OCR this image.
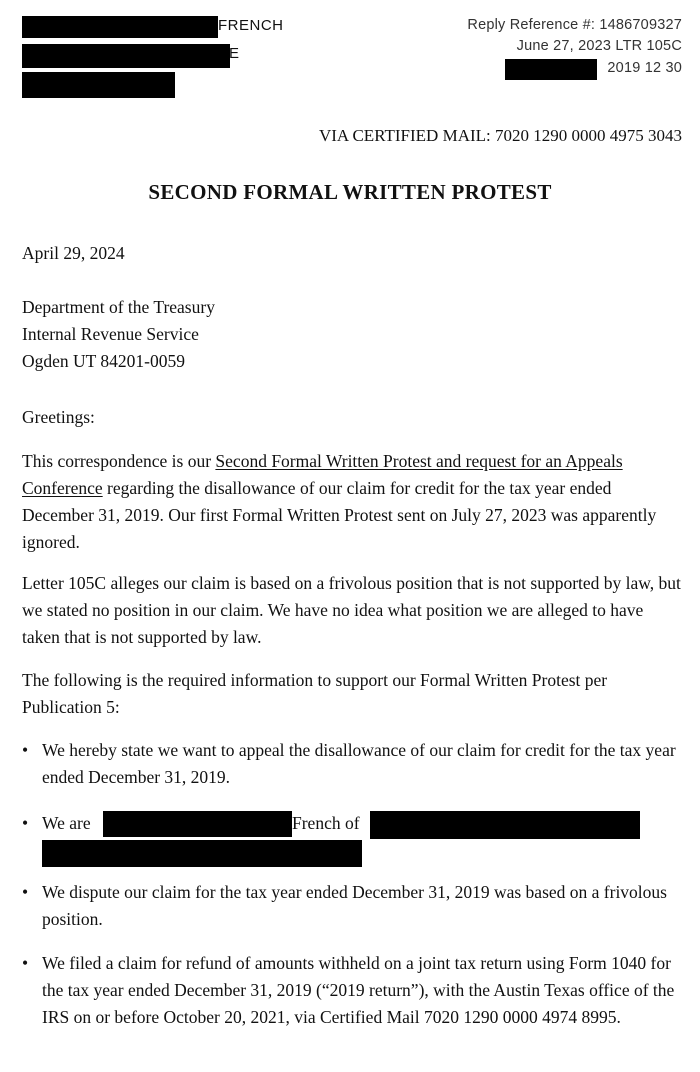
FRENCH
E
Reply Reference #: 1486709327
June 27, 2023 LTR 105C
2019 12 30
VIA CERTIFIED MAIL: 7020 1290 0000 4975 3043
SECOND FORMAL WRITTEN PROTEST
April 29, 2024
Department of the Treasury
Internal Revenue Service
Ogden UT 84201-0059
Greetings:
This correspondence is our Second Formal Written Protest and request for an Appeals Conference regarding the disallowance of our claim for credit for the tax year ended December 31, 2019. Our first Formal Written Protest sent on July 27, 2023 was apparently ignored.
Letter 105C alleges our claim is based on a frivolous position that is not supported by law, but we stated no position in our claim. We have no idea what position we are alleged to have taken that is not supported by law.
The following is the required information to support our Formal Written Protest per Publication 5:
• We hereby state we want to appeal the disallowance of our claim for credit for the tax year ended December 31, 2019.
• We are	French of
• We dispute our claim for the tax year ended December 31, 2019 was based on a frivolous position.
• We filed a claim for refund of amounts withheld on a joint tax return using Form 1040 for the tax year ended December 31, 2019 (“2019 return”), with the Austin Texas office of the IRS on or before October 20, 2021, via Certified Mail 7020 1290 0000 4974 8995.
